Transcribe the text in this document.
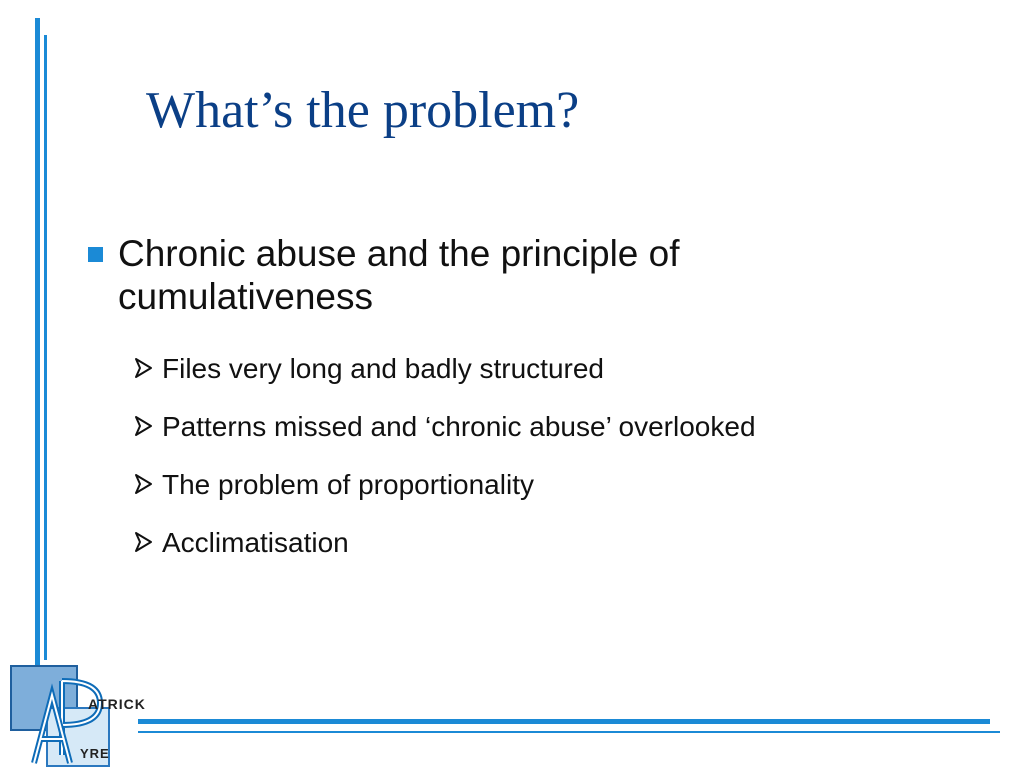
What’s the problem?
Chronic abuse and the principle of cumulativeness
Files very long and badly structured
Patterns missed and ‘chronic abuse’ overlooked
The problem of proportionality
Acclimatisation
ATRICK
YRE
